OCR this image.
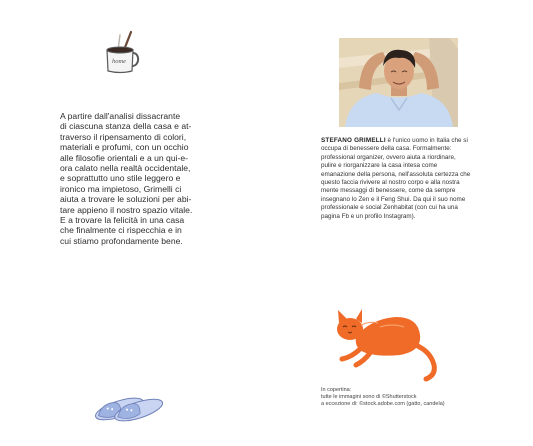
home

A partire dall'analisi dissacrante
di ciascuna stanza della casa e at-
traverso il ripensamento di colori,
materiali e profumi, con un occhio
alle filosofie orientali e a un qui-e-
ora calato nella realtà occidentale,
e soprattutto uno stile leggero e
ironico ma impietoso, Grimelli ci
aiuta a trovare le soluzioni per abi-
tare appieno il nostro spazio vitale.
E a trovare la felicità in una casa
che finalmente ci rispecchia e in
cui stiamo profondamente bene.

STEFANO GRIMELLI è l'unico uomo in Italia che si occupa di benessere della casa. Formalmente: professional organizer, ovvero aiuta a riordinare, pulire e riorganizzare la casa intesa come emanazione della persona, nell'assoluta certezza che questo faccia rivivere al nostro corpo e alla nostra mente messaggi di benessere, come da sempre insegnano lo Zen e il Feng Shui. Da qui il suo nome professionale e social Zenhabitat (con cui ha una pagina Fb e un profilo Instagram).

In copertina:
tutte le immagini sono di ©Shutterstock
a eccezione di: ©stock.adobe.com (gatto, candela)
